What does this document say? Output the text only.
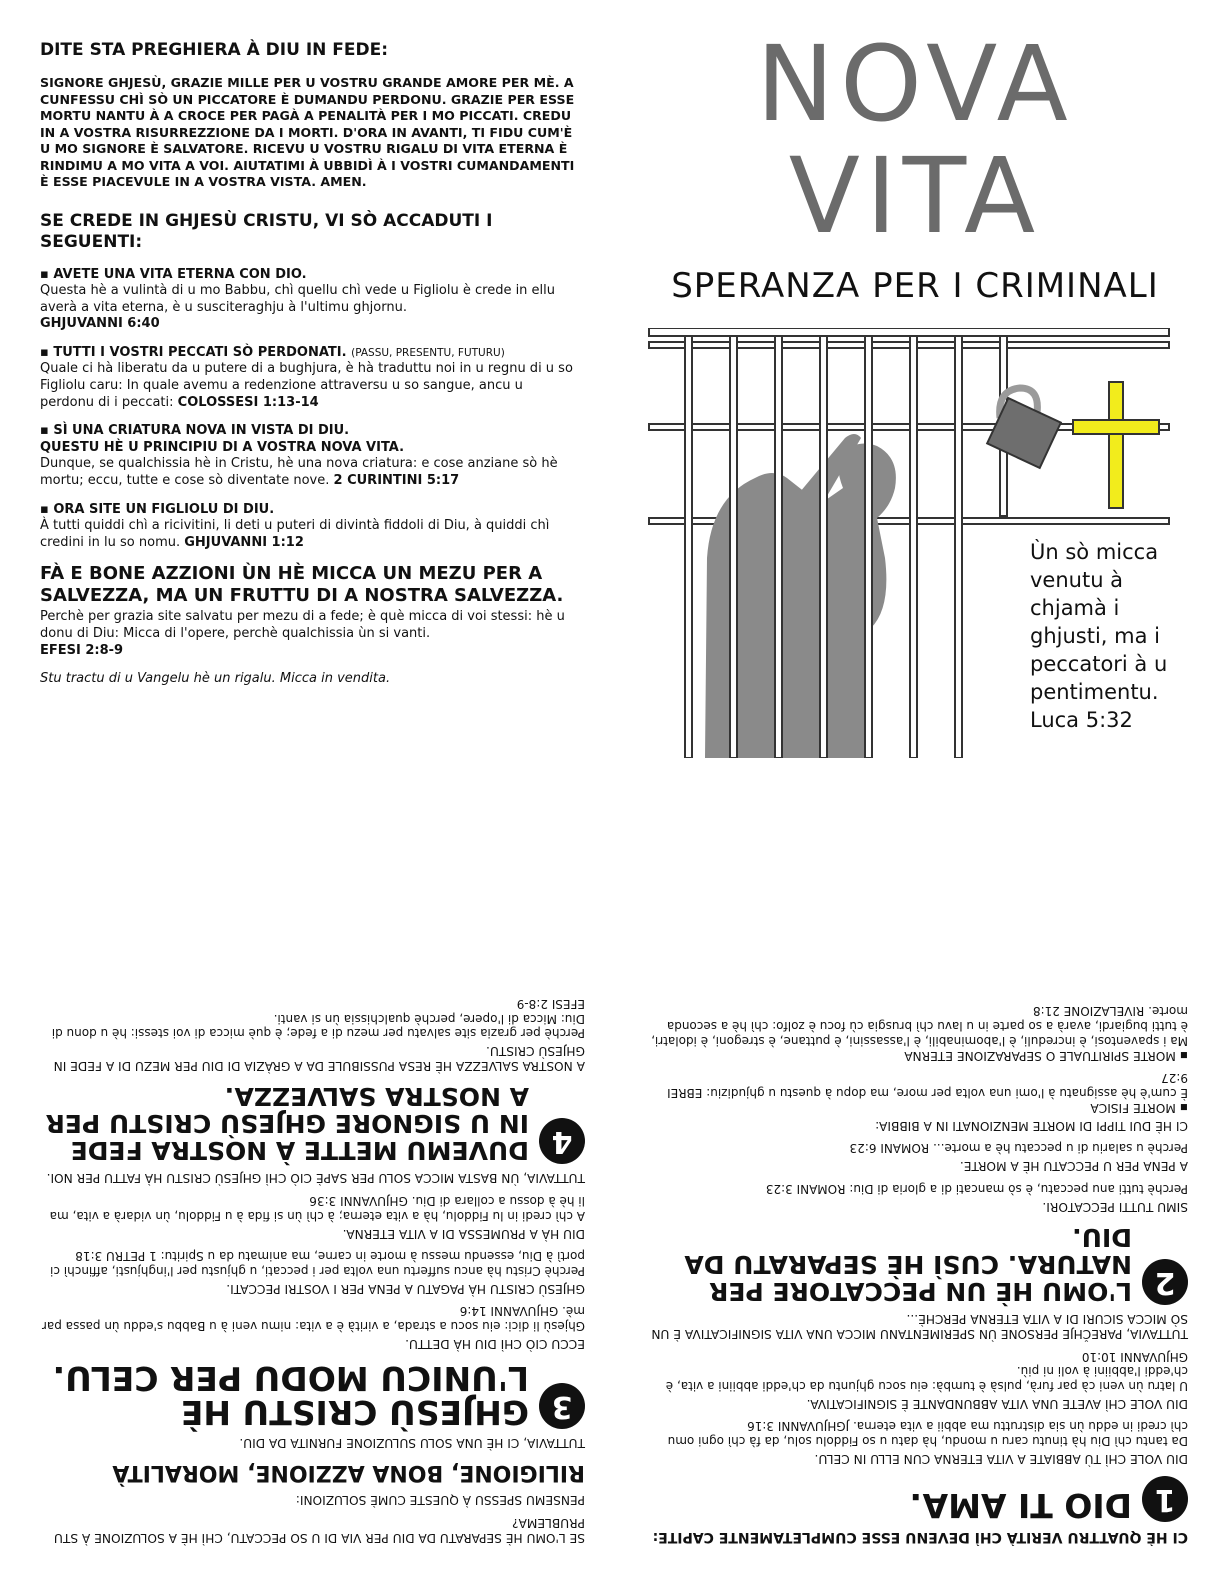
DITE STA PREGHIERA À DIU IN FEDE:
SIGNORE GHJESÙ, GRAZIE MILLE PER U VOSTRU GRANDE AMORE PER MÈ. A CUNFESSU CHÌ SÒ UN PICCATORE È DUMANDU PERDONU. GRAZIE PER ESSE MORTU NANTU À A CROCE PER PAGÀ A PENALITÀ PER I MO PICCATI. CREDU IN A VOSTRA RISURREZZIONE DA I MORTI. D'ORA IN AVANTI, TI FIDU CUM'È U MO SIGNORE È SALVATORE. RICEVU U VOSTRU RIGALU DI VITA ETERNA È RINDIMU A MO VITA A VOI. AIUTATIMI À UBBIDÌ À I VOSTRI CUMANDAMENTI È ESSE PIACEVULE IN A VOSTRA VISTA. AMEN.
SE CREDE IN GHJESÙ CRISTU, VI SÒ ACCADUTI I SEGUENTI:
▪ AVETE UNA VITA ETERNA CON DIO.
Questa hè a vulintà di u mo Babbu, chì quellu chì vede u Figliolu è crede in ellu averà a vita eterna, è u susciteraghju à l'ultimu ghjornu.
GHJUVANNI 6:40
▪ TUTTI I VOSTRI PECCATI SÒ PERDONATI. (PASSU, PRESENTU, FUTURU)
Quale ci hà liberatu da u putere di a bughjura, è hà traduttu noi in u regnu di u so Figliolu caru: In quale avemu a redenzione attraversu u so sangue, ancu u perdonu di i peccati: COLOSSESI 1:13-14
▪ SÌ UNA CRIATURA NOVA IN VISTA DI DIU.
QUESTU HÈ U PRINCIPIU DI A VOSTRA NOVA VITA.
Dunque, se qualchissia hè in Cristu, hè una nova criatura: e cose anziane sò hè mortu; eccu, tutte e cose sò diventate nove. 2 CURINTINI 5:17
▪ ORA SITE UN FIGLIOLU DI DIU.
À tutti quiddi chì a ricivitini, li deti u puteri di divintà fiddoli di Diu, à quiddi chì credini in lu so nomu. GHJUVANNI 1:12
FÀ E BONE AZZIONI ÙN HÈ MICCA UN MEZU PER A SALVEZZA, MA UN FRUTTU DI A NOSTRA SALVEZZA.
Perchè per grazia site salvatu per mezu di a fede; è què micca di voi stessi: hè u donu di Diu: Micca di l'opere, perchè qualchissia ùn si vanti.
EFESI 2:8-9
Stu tractu di u Vangelu hè un rigalu. Micca in vendita.
NOVA
VITA
SPERANZA PER I CRIMINALI
Ùn sò micca venutu à chjamà i ghjusti, ma i peccatori à u pentimentu.
Luca 5:32
CI HÈ QUATTRU VERITÀ CHÌ DEVENU ESSE CUMPLETAMENTE CAPITE:
1
DIO TI AMA.
DIU VOLE CHÌ TÙ ABBIATE A VITA ETERNA CUN ELLU IN CELU.
Da tantu chì Diu hà tinutu caru u mondu, hà datu u so Fiddolu solu, da fà chì ogni omu chì credi in eddu ùn sia distruttu ma abbii a vita eterna. JGHJUVANNI 3:16
DIU VOLE CHÌ AVETE UNA VITA ABBUNDANTE È SIGNIFICATIVA.
U latru ùn veni cà par furà, pulsà è tumbà: eiu socu ghjuntu da ch'eddi abbiini a vita, è ch'eddi l'abbiini à voli ni più.
GHJUVANNI 10:10
TUTTAVIA, PAREČHJE PERSONE ÙN SPERIMENTANU MICCA UNA VITA SIGNIFICATIVA È UN SÒ MICCA SICURI DI A VITA ETERNA PERCHÈ...
2
L'OMU HÈ UN PECCATORE PER NATURA. CUSÌ HÈ SEPARATU DA DIU.
SIMU TUTTI PECCATORI.
Perchè tutti anu peccatu, è sò mancati di a gloria di Diu: ROMANI 3:23
A PENA PER U PECCATU HÈ A MORTE.
Perchè u salariu di u peccatu hè a morte... ROMANI 6:23
CI HÈ DUI TIPPI DI MORTE MENZIONATI IN A BIBBIA:
▪ MORTE FISICA
È cum'è hè assignatu à l'omi una volta per more, ma dopu à questu u ghjudiziu: EBREI 9:27
▪ MORTE SPIRITUALE O SEPARAZIONE ETERNA
Ma i spaventosi, è increduli, è l'abominabili, è l'assassini, è puttane, è stregoni, è idolatri, è tutti bugiardi, avarà a so parte in u lavu chì brusgia cù focu è zolfo: chì hè a seconda morte. RIVELAZIONE 21:8
SE L'OMU HÈ SEPARATU DA DIU PER VIA DI U SO PECCATU, CHÌ HÈ A SOLUZIONE À STU PRUBLEMA?
PENSEMU SPESSU À QUESTE CUMÈ SOLUZIONI:
RILIGIONE, BONA AZZIONE, MORALITÀ
TUTTAVIA, CI HÈ UNA SOLU SULUZIONE FURNITA DA DIU.
3
GHJESÙ CRISTU HÈ L'UNICU MODU PER CELU.
ECCU CIÒ CHÌ DIU HÀ DETTU.
Ghjesù li dici: eiu socu a strada, a virità è a vita: nimu veni à u Babbu s'eddu ùn passa par mè. GHJUVANNI 14:6
GHJESÙ CRISTU HÀ PAGATU A PENA PER I VOSTRI PECCATI.
Perchè Cristu hà ancu suffertu una volta per i peccati, u ghjustu per l'inghjusti, affinchì ci portì à Diu, essendu messu à morte in carne, ma animatu da u Spiritu: 1 PETRU 3:18
DIU HÀ A PRUMESSA DI A VITA ETERNA.
A chì credi in lu Fiddolu, hà a vita eterna; à chì ùn si fida à u Fiddolu, ùn vidarà a vita, ma li hè à dossu a collara di Diu. GHJUVANNI 3:36
TUTTAVIA, ÙN BASTA MICCA SOLU PER SAPÈ CIÒ CHÌ GHJESÙ CRISTU HÀ FATTU PER NOI.
4
DUVEMU METTE À NOSTRA FEDE IN U SIGNORE GHJESÙ CRISTU PER A NOSTRA SALVEZZA.
A NOSTRA SALVEZZA HÈ RESA PUSSIBULE DA A GRÀZIA DI DIU PER MEZU DI A FEDE IN GHJESÙ CRISTU.
Perchè per grazia site salvatu per mezu di a fede; è què micca di voi stessi: hè u donu di Diu: Micca di l'opere, perchè qualchissia ùn si vanti.
EFESI 2:8-9
